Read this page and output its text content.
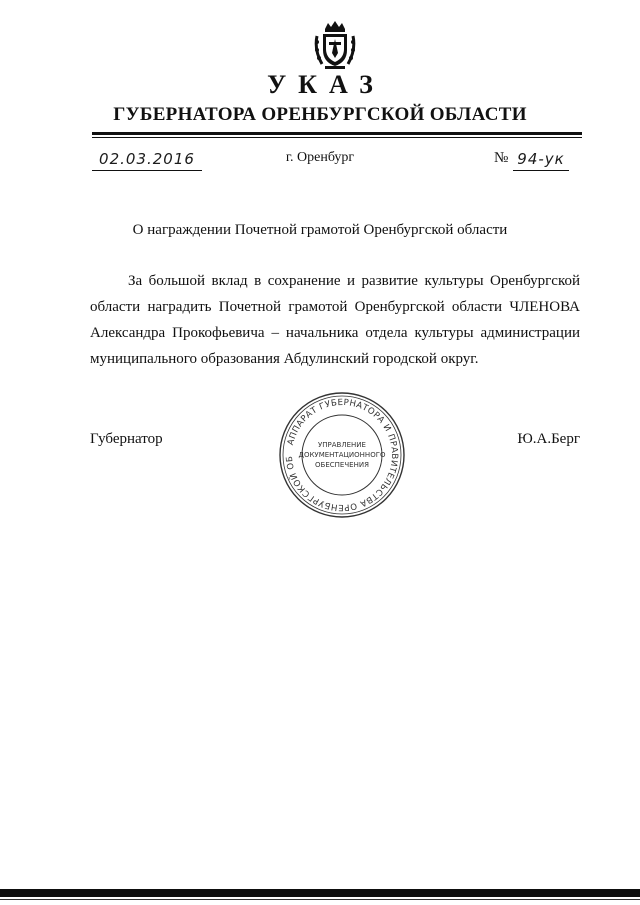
УКАЗ
ГУБЕРНАТОРА ОРЕНБУРГСКОЙ ОБЛАСТИ
02.03.2016	г. Оренбург	№ 94-ук

О награждении Почетной грамотой Оренбургской области

За большой вклад в сохранение и развитие культуры Оренбургской области наградить Почетной грамотой Оренбургской области ЧЛЕНОВА Александра Прокофьевича – начальника отдела культуры администрации муниципального образования Абдулинский городской округ.

Губернатор	Ю.А.Берг
АППАРАТ ГУБЕРНАТОРА И ПРАВИТЕЛЬСТВА ОРЕНБУРГСКОЙ ОБ
УПРАВЛЕНИЕ
ДОКУМЕНТАЦИОННОГО
ОБЕСПЕЧЕНИЯ
